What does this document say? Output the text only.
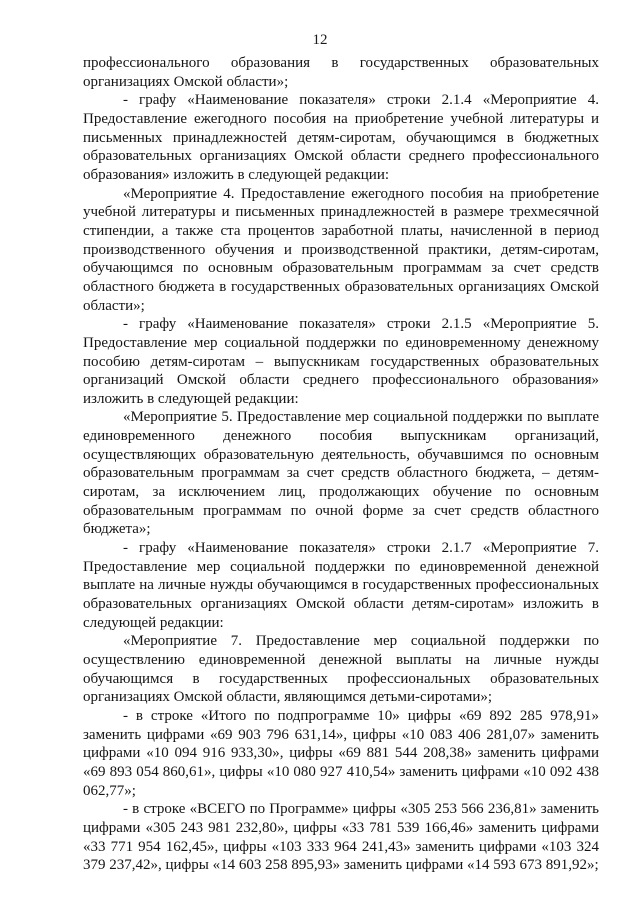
12

профессионального образования в государственных образовательных организациях Омской области»;

- графу «Наименование показателя» строки 2.1.4 «Мероприятие 4. Предоставление ежегодного пособия на приобретение учебной литературы и письменных принадлежностей детям-сиротам, обучающимся в бюджетных образовательных организациях Омской области среднего профессионального образования» изложить в следующей редакции:

«Мероприятие 4. Предоставление ежегодного пособия на приобретение учебной литературы и письменных принадлежностей в размере трехмесячной стипендии, а также ста процентов заработной платы, начисленной в период производственного обучения и производственной практики, детям-сиротам, обучающимся по основным образовательным программам за счет средств областного бюджета в государственных образовательных организациях Омской области»;

- графу «Наименование показателя» строки 2.1.5 «Мероприятие 5. Предоставление мер социальной поддержки по единовременному денежному пособию детям-сиротам – выпускникам государственных образовательных организаций Омской области среднего профессионального образования» изложить в следующей редакции:

«Мероприятие 5. Предоставление мер социальной поддержки по выплате единовременного денежного пособия выпускникам организаций, осуществляющих образовательную деятельность, обучавшимся по основным образовательным программам за счет средств областного бюджета, – детям-сиротам, за исключением лиц, продолжающих обучение по основным образовательным программам по очной форме за счет средств областного бюджета»;

- графу «Наименование показателя» строки 2.1.7 «Мероприятие 7. Предоставление мер социальной поддержки по единовременной денежной выплате на личные нужды обучающимся в государственных профессиональных образовательных организациях Омской области детям-сиротам» изложить в следующей редакции:

«Мероприятие 7. Предоставление мер социальной поддержки по осуществлению единовременной денежной выплаты на личные нужды обучающимся в государственных профессиональных образовательных организациях Омской области, являющимся детьми-сиротами»;

- в строке «Итого по подпрограмме 10» цифры «69 892 285 978,91» заменить цифрами «69 903 796 631,14», цифры «10 083 406 281,07» заменить цифрами «10 094 916 933,30», цифры «69 881 544 208,38» заменить цифрами «69 893 054 860,61», цифры «10 080 927 410,54» заменить цифрами «10 092 438 062,77»;

- в строке «ВСЕГО по Программе» цифры «305 253 566 236,81» заменить цифрами «305 243 981 232,80», цифры «33 781 539 166,46» заменить цифрами «33 771 954 162,45», цифры «103 333 964 241,43» заменить цифрами «103 324 379 237,42», цифры «14 603 258 895,93» заменить цифрами «14 593 673 891,92»;
